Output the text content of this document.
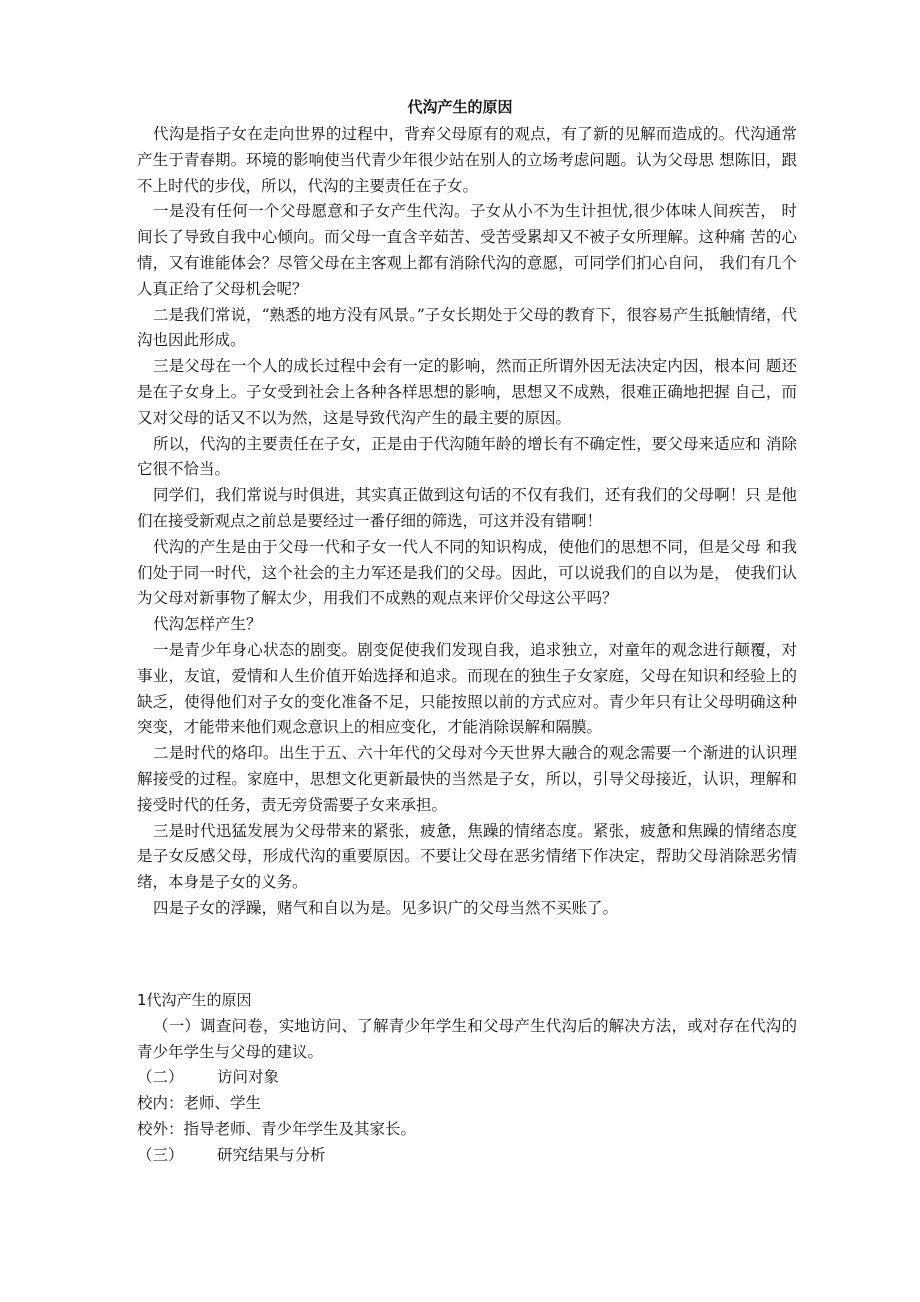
代沟产生的原因

代沟是指子女在走向世界的过程中，背弃父母原有的观点，有了新的见解而造成的。代沟通常产生于青春期。环境的影响使当代青少年很少站在别人的立场考虑问题。认为父母思 想陈旧，跟不上时代的步伐，所以，代沟的主要责任在子女。

一是没有任何一个父母愿意和子女产生代沟。子女从小不为生计担忧,很少体味人间疾苦， 时间长了导致自我中心倾向。而父母一直含辛茹苦、受苦受累却又不被子女所理解。这种痛 苦的心情，又有谁能体会？尽管父母在主客观上都有消除代沟的意愿，可同学们扪心自问， 我们有几个人真正给了父母机会呢？

二是我们常说，“熟悉的地方没有风景。”子女长期处于父母的教育下，很容易产生抵触情绪，代沟也因此形成。

三是父母在一个人的成长过程中会有一定的影响，然而正所谓外因无法决定内因，根本问 题还是在子女身上。子女受到社会上各种各样思想的影响，思想又不成熟，很难正确地把握 自己，而又对父母的话又不以为然，这是导致代沟产生的最主要的原因。

所以，代沟的主要责任在子女，正是由于代沟随年龄的增长有不确定性，要父母来适应和 消除它很不恰当。

同学们，我们常说与时俱进，其实真正做到这句话的不仅有我们，还有我们的父母啊！只 是他们在接受新观点之前总是要经过一番仔细的筛选，可这并没有错啊！

代沟的产生是由于父母一代和子女一代人不同的知识构成，使他们的思想不同，但是父母 和我们处于同一时代，这个社会的主力军还是我们的父母。因此，可以说我们的自以为是， 使我们认为父母对新事物了解太少，用我们不成熟的观点来评价父母这公平吗？

代沟怎样产生？

一是青少年身心状态的剧变。剧变促使我们发现自我，追求独立，对童年的观念进行颠覆，对事业，友谊，爱情和人生价值开始选择和追求。而现在的独生子女家庭，父母在知识和经验上的缺乏，使得他们对子女的变化准备不足，只能按照以前的方式应对。青少年只有让父母明确这种突变，才能带来他们观念意识上的相应变化，才能消除误解和隔膜。

二是时代的烙印。出生于五、六十年代的父母对今天世界大融合的观念需要一个渐进的认识理解接受的过程。家庭中，思想文化更新最快的当然是子女，所以，引导父母接近，认识，理解和接受时代的任务，责无旁贷需要子女来承担。

三是时代迅猛发展为父母带来的紧张，疲惫，焦躁的情绪态度。紧张，疲惫和焦躁的情绪态度是子女反感父母，形成代沟的重要原因。不要让父母在恶劣情绪下作决定，帮助父母消除恶劣情绪，本身是子女的义务。

四是子女的浮躁，赌气和自以为是。见多识广的父母当然不买账了。

1代沟产生的原因

（一）调查问卷，实地访问、了解青少年学生和父母产生代沟后的解决方法，或对存在代沟的青少年学生与父母的建议。

（二） 访问对象

校内：老师、学生

校外：指导老师、青少年学生及其家长。

（三） 研究结果与分析
